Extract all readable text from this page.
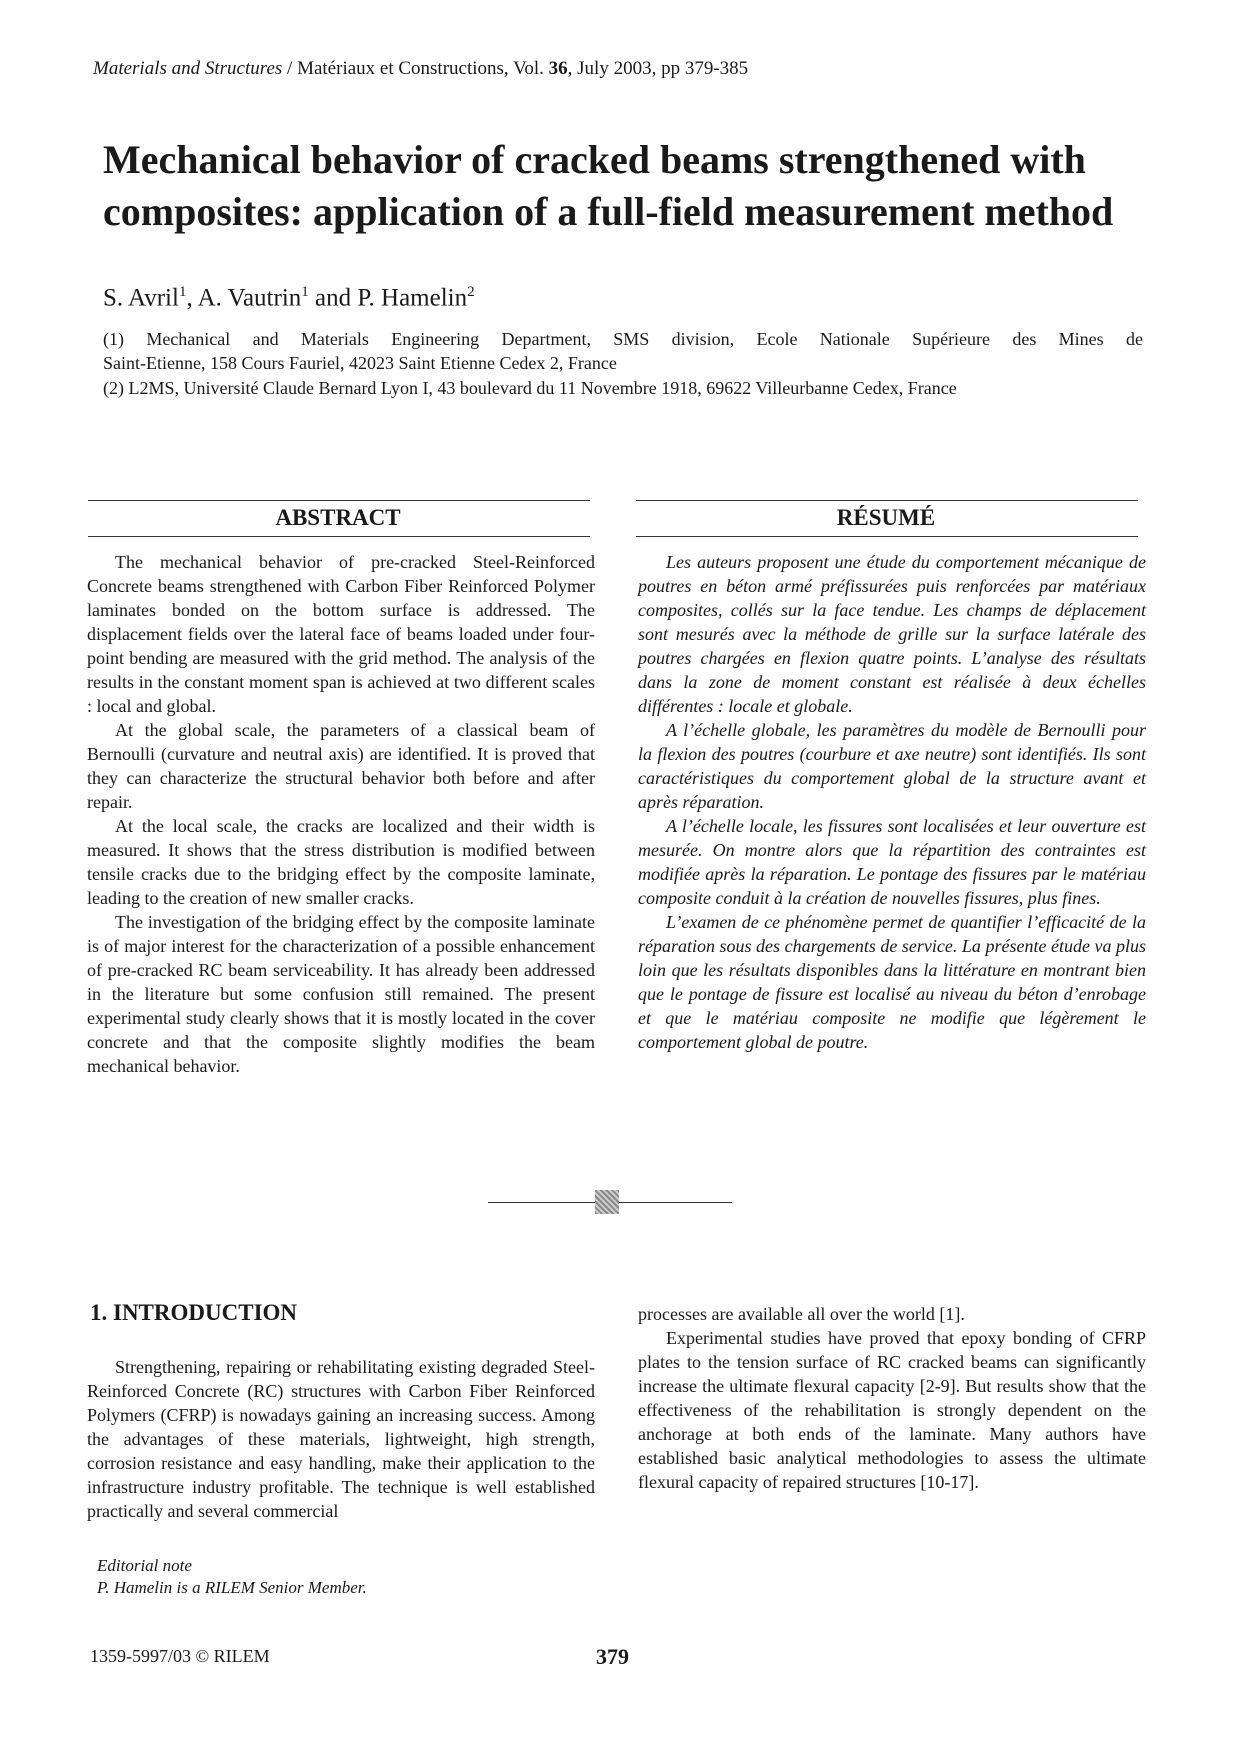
Materials and Structures / Matériaux et Constructions, Vol. 36, July 2003, pp 379-385
Mechanical behavior of cracked beams strengthened with
composites: application of a full-field measurement method
S. Avril$^1$, A. Vautrin$^1$ and P. Hamelin$^2$
(1) Mechanical and Materials Engineering Department, SMS division, Ecole Nationale Supérieure des Mines de
Saint-Etienne, 158 Cours Fauriel, 42023 Saint Etienne Cedex 2, France
(2) L2MS, Université Claude Bernard Lyon I, 43 boulevard du 11 Novembre 1918, 69622 Villeurbanne Cedex, France
ABSTRACT	RÉSUMÉ

The mechanical behavior of pre-cracked Steel-Reinforced Concrete beams strengthened with Carbon Fiber Reinforced Polymer laminates bonded on the bottom surface is addressed. The displacement fields over the lateral face of beams loaded under four-point bending are measured with the grid method. The analysis of the results in the constant moment span is achieved at two different scales : local and global.

At the global scale, the parameters of a classical beam of Bernoulli (curvature and neutral axis) are identified. It is proved that they can characterize the structural behavior both before and after repair.

At the local scale, the cracks are localized and their width is measured. It shows that the stress distribution is modified between tensile cracks due to the bridging effect by the composite laminate, leading to the creation of new smaller cracks.

The investigation of the bridging effect by the composite laminate is of major interest for the characterization of a possible enhancement of pre-cracked RC beam serviceability. It has already been addressed in the literature but some confusion still remained. The present experimental study clearly shows that it is mostly located in the cover concrete and that the composite slightly modifies the beam mechanical behavior.

Les auteurs proposent une étude du comportement mécanique de poutres en béton armé préfissurées puis renforcées par matériaux composites, collés sur la face tendue. Les champs de déplacement sont mesurés avec la méthode de grille sur la surface latérale des poutres chargées en flexion quatre points. L’analyse des résultats dans la zone de moment constant est réalisée à deux échelles différentes : locale et globale.

A l’échelle globale, les paramètres du modèle de Bernoulli pour la flexion des poutres (courbure et axe neutre) sont identifiés. Ils sont caractéristiques du comportement global de la structure avant et après réparation.

A l’échelle locale, les fissures sont localisées et leur ouverture est mesurée. On montre alors que la répartition des contraintes est modifiée après la réparation. Le pontage des fissures par le matériau composite conduit à la création de nouvelles fissures, plus fines.

L’examen de ce phénomène permet de quantifier l’efficacité de la réparation sous des chargements de service. La présente étude va plus loin que les résultats disponibles dans la littérature en montrant bien que le pontage de fissure est localisé au niveau du béton d’enrobage et que le matériau composite ne modifie que légèrement le comportement global de poutre.

1. INTRODUCTION

Strengthening, repairing or rehabilitating existing degraded Steel-Reinforced Concrete (RC) structures with Carbon Fiber Reinforced Polymers (CFRP) is nowadays gaining an increasing success. Among the advantages of these materials, lightweight, high strength, corrosion resistance and easy handling, make their application to the infrastructure industry profitable. The technique is well established practically and several commercial

processes are available all over the world [1].

Experimental studies have proved that epoxy bonding of CFRP plates to the tension surface of RC cracked beams can significantly increase the ultimate flexural capacity [2-9]. But results show that the effectiveness of the rehabilitation is strongly dependent on the anchorage at both ends of the laminate. Many authors have established basic analytical methodologies to assess the ultimate flexural capacity of repaired structures [10-17].

Editorial note
P. Hamelin is a RILEM Senior Member.
1359-5997/03 © RILEM	379
